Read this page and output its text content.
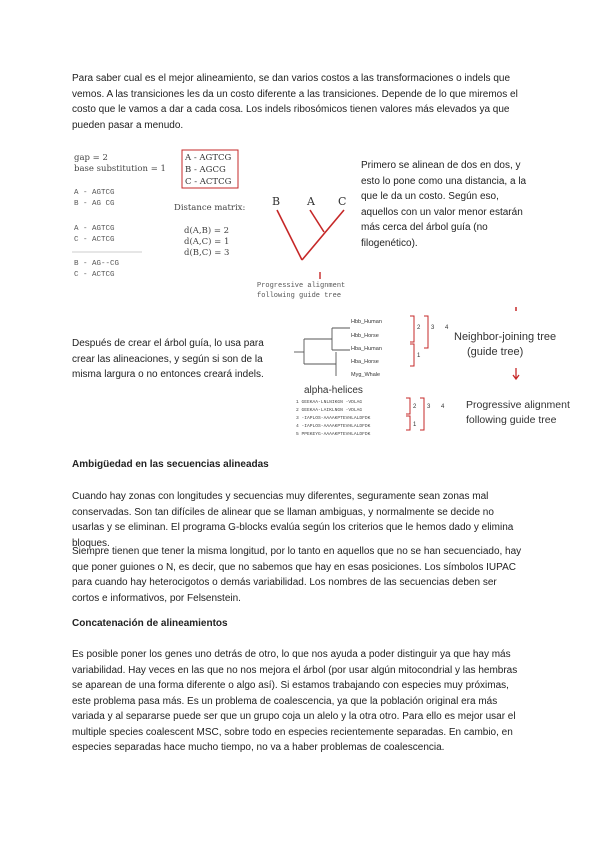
Para saber cual es el mejor alineamiento, se dan varios costos a las transformaciones o indels que vemos. A las transiciones les da un costo diferente a las transiciones. Depende de lo que miremos el costo que le vamos a dar a cada cosa. Los indels ribosómicos tienen valores más elevados ya que pueden pasar a menudo.

gap = 2
base substitution = 1
A - AGTCG
B - AGCG
C - ACTCG
A - AGTCG
B - AG CG
A - AGTCG
C - ACTCG
B - AG--CG
C - ACTCG
Distance matrix:
d(A,B) = 2
d(A,C) = 1
d(B,C) = 3
B A C
Progressive alignment
following guide tree

Primero se alinean de dos en dos, y esto lo pone como una distancia, a la que le da un costo. Según eso, aquellos con un valor menor estarán más cerca del árbol guía (no filogenético).

Después de crear el árbol guía, lo usa para crear las alineaciones, y según si son de la misma largura o no entonces creará indels.

Hbb_Human
Hbb_Horse
Hba_Human
Hba_Horse
Myg_Whale
2 3 4
1
Neighbor-joining tree
(guide tree)
alpha-helices
1 GEEKAA-LNLNIKGN -VDLAG
2 GEEKAA-LAIKLNGN -VDLAG
3 -IAPLOS-AAAAKPTEVHLALDFDK
4 -IAPLOS-AAAAKPTEVHLALDFDK
5 PPEKEYG-AAAAKPTEVHLALDFDK
2 3 4
1
Progressive alignment
following guide tree
Ambigüedad en las secuencias alineadas

Cuando hay zonas con longitudes y secuencias muy diferentes, seguramente sean zonas mal conservadas. Son tan difíciles de alinear que se llaman ambiguas, y normalmente se decide no usarlas y se eliminan. El programa G-blocks evalúa según los criterios que le hemos dado y elimina bloques.

Siempre tienen que tener la misma longitud, por lo tanto en aquellos que no se han secuenciado, hay que poner guiones o N, es decir, que no sabemos que hay en esas posiciones. Los símbolos IUPAC para cuando hay heterocigotos o demás variabilidad. Los nombres de las secuencias deben ser cortos e informativos, por Felsenstein.

Concatenación de alineamientos

Es posible poner los genes uno detrás de otro, lo que nos ayuda a poder distinguir ya que hay más variabilidad. Hay veces en las que no nos mejora el árbol (por usar algún mitocondrial y las hembras se aparean de una forma diferente o algo así). Si estamos trabajando con especies muy próximas, este problema pasa más. Es un problema de coalescencia, ya que la población original era más variada y al separarse puede ser que un grupo coja un alelo y la otra otro. Para ello es mejor usar el multiple species coalescent MSC, sobre todo en especies recientemente separadas. En cambio, en especies separadas hace mucho tiempo, no va a haber problemas de coalescencia.
